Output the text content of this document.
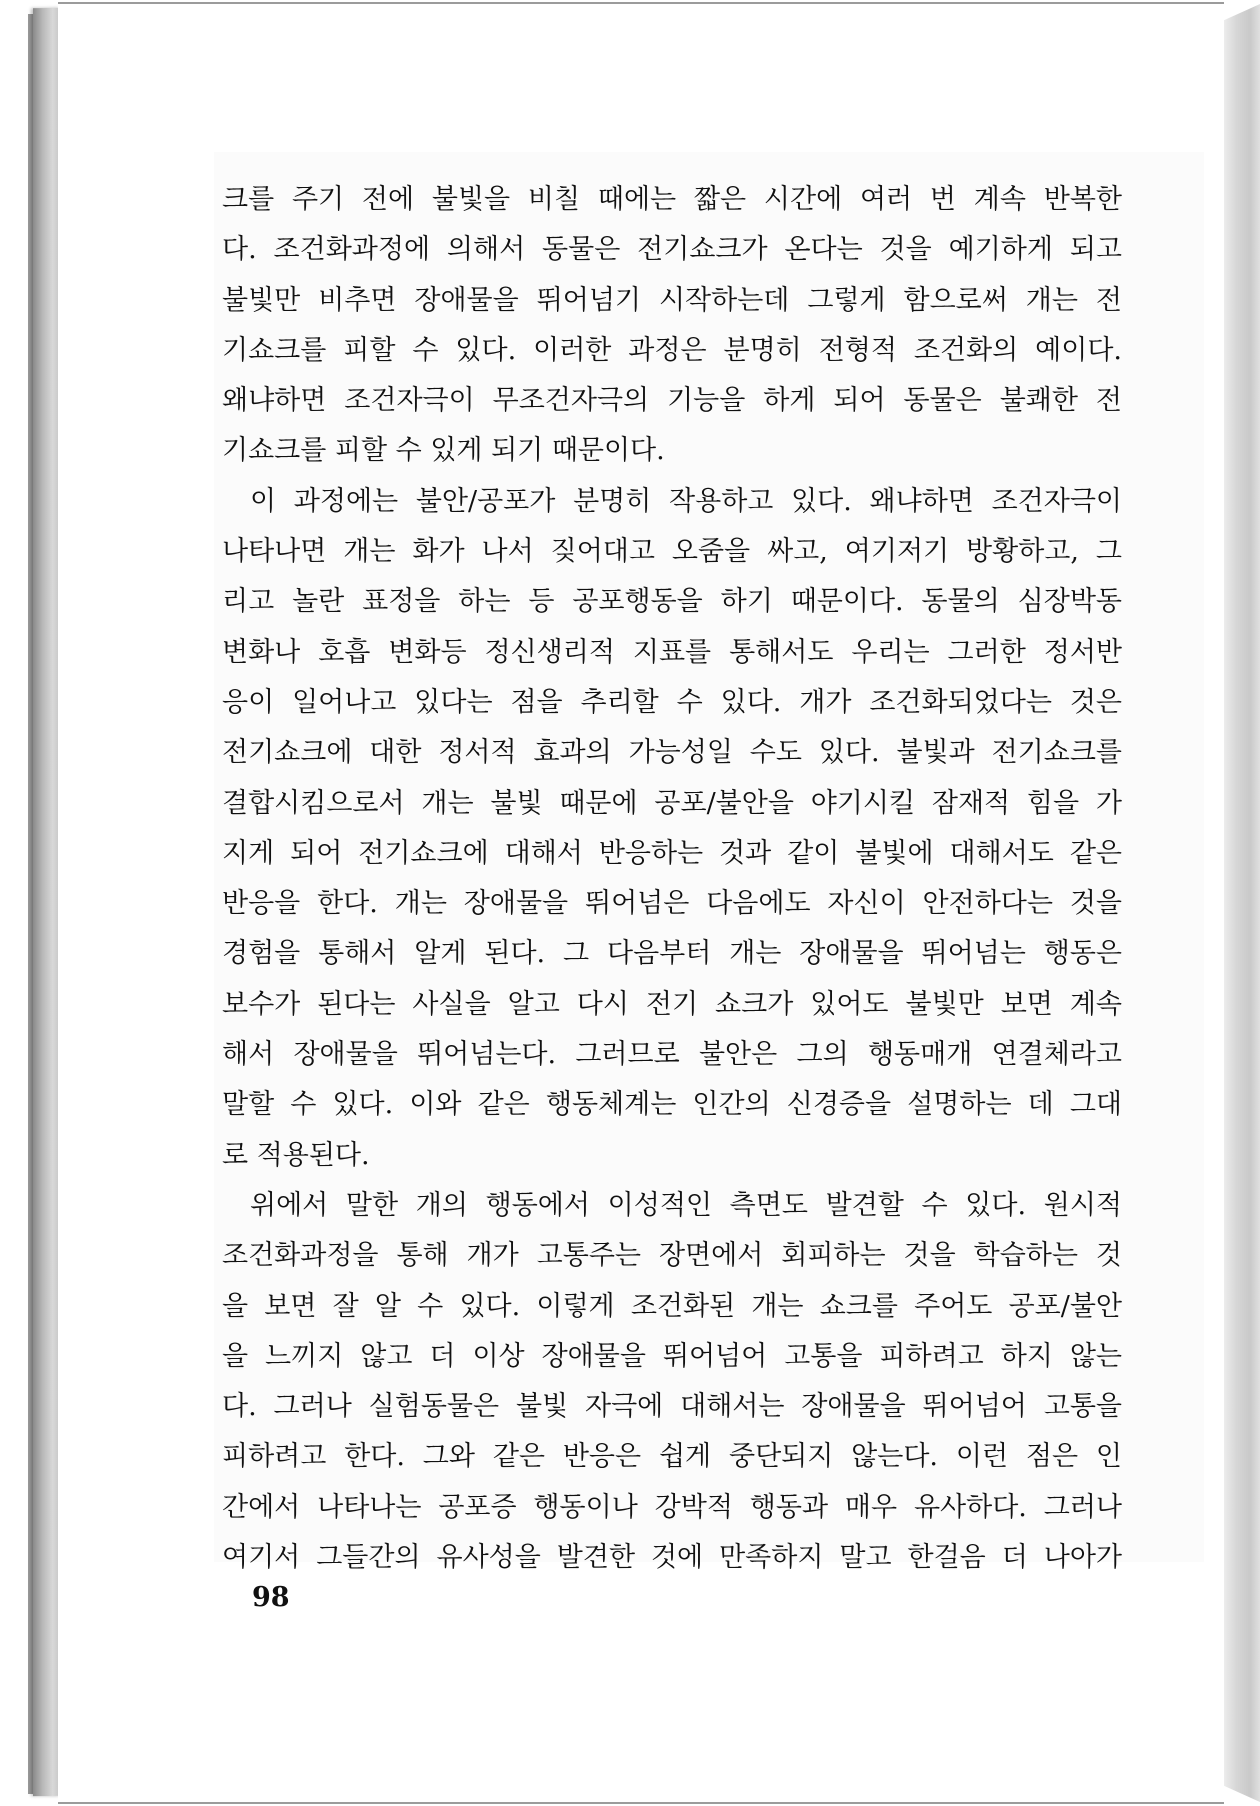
크를 주기 전에 불빛을 비칠 때에는 짧은 시간에 여러 번 계속 반복한
다. 조건화과정에 의해서 동물은 전기쇼크가 온다는 것을 예기하게 되고
불빛만 비추면 장애물을 뛰어넘기 시작하는데 그렇게 함으로써 개는 전
기쇼크를 피할 수 있다. 이러한 과정은 분명히 전형적 조건화의 예이다.
왜냐하면 조건자극이 무조건자극의 기능을 하게 되어 동물은 불쾌한 전
기쇼크를 피할 수 있게 되기 때문이다.
이 과정에는 불안/공포가 분명히 작용하고 있다. 왜냐하면 조건자극이
나타나면 개는 화가 나서 짖어대고 오줌을 싸고, 여기저기 방황하고, 그
리고 놀란 표정을 하는 등 공포행동을 하기 때문이다. 동물의 심장박동
변화나 호흡 변화등 정신생리적 지표를 통해서도 우리는 그러한 정서반
응이 일어나고 있다는 점을 추리할 수 있다. 개가 조건화되었다는 것은
전기쇼크에 대한 정서적 효과의 가능성일 수도 있다. 불빛과 전기쇼크를
결합시킴으로서 개는 불빛 때문에 공포/불안을 야기시킬 잠재적 힘을 가
지게 되어 전기쇼크에 대해서 반응하는 것과 같이 불빛에 대해서도 같은
반응을 한다. 개는 장애물을 뛰어넘은 다음에도 자신이 안전하다는 것을
경험을 통해서 알게 된다. 그 다음부터 개는 장애물을 뛰어넘는 행동은
보수가 된다는 사실을 알고 다시 전기 쇼크가 있어도 불빛만 보면 계속
해서 장애물을 뛰어넘는다. 그러므로 불안은 그의 행동매개 연결체라고
말할 수 있다. 이와 같은 행동체계는 인간의 신경증을 설명하는 데 그대
로 적용된다.
위에서 말한 개의 행동에서 이성적인 측면도 발견할 수 있다. 원시적
조건화과정을 통해 개가 고통주는 장면에서 회피하는 것을 학습하는 것
을 보면 잘 알 수 있다. 이렇게 조건화된 개는 쇼크를 주어도 공포/불안
을 느끼지 않고 더 이상 장애물을 뛰어넘어 고통을 피하려고 하지 않는
다. 그러나 실험동물은 불빛 자극에 대해서는 장애물을 뛰어넘어 고통을
피하려고 한다. 그와 같은 반응은 쉽게 중단되지 않는다. 이런 점은 인
간에서 나타나는 공포증 행동이나 강박적 행동과 매우 유사하다. 그러나
여기서 그들간의 유사성을 발견한 것에 만족하지 말고 한걸음 더 나아가
98
